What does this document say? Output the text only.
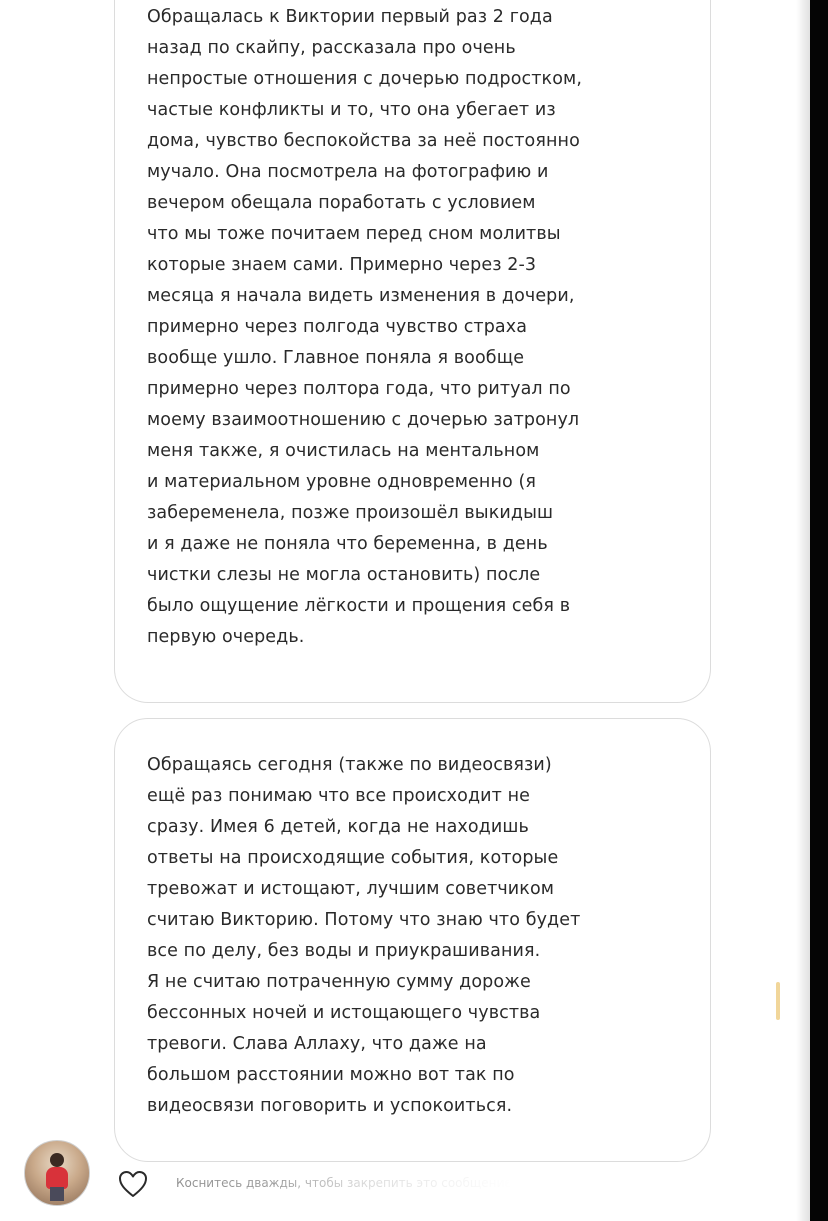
Обращалась к Виктории первый раз 2 года
назад по скайпу, рассказала про очень
непростые отношения с дочерью подростком,
частые конфликты и то, что она убегает из
дома, чувство беспокойства за неё постоянно
мучало. Она посмотрела на фотографию и
вечером обещала поработать с условием
что мы тоже почитаем перед сном молитвы
которые знаем сами. Примерно через 2-3
месяца я начала видеть изменения в дочери,
примерно через полгода чувство страха
вообще ушло. Главное поняла я вообще
примерно через полтора года, что ритуал по
моему взаимоотношению с дочерью затронул
меня также, я очистилась на ментальном
и материальном уровне одновременно (я
забеременела, позже произошёл выкидыш
и я даже не поняла что беременна, в день
чистки слезы не могла остановить) после
было ощущение лёгкости и прощения себя в
первую очередь.

Обращаясь сегодня (также по видеосвязи)
ещё раз понимаю что все происходит не
сразу. Имея 6 детей, когда не находишь
ответы на происходящие события, которые
тревожат и истощают, лучшим советчиком
считаю Викторию. Потому что знаю что будет
все по делу, без воды и приукрашивания.
Я не считаю потраченную сумму дороже
бессонных ночей и истощающего чувства
тревоги. Слава Аллаху, что даже на
большом расстоянии можно вот так по
видеосвязи поговорить и успокоиться.

Коснитесь дважды, чтобы закрепить это сообщение
